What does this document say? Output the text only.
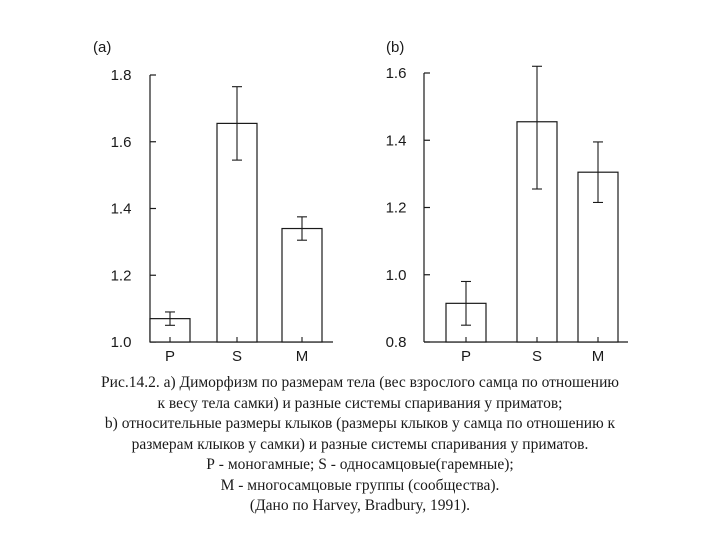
(a)
1.0
1.2
1.4
1.6
1.8
P	S	M
(b)
0.8
1.0
1.2
1.4
1.6
P	S	M
Рис.14.2. а) Диморфизм по размерам тела (вес взрослого самца по отношению
к весу тела самки) и разные системы спаривания у приматов;
b) относительные размеры клыков (размеры клыков у самца по отношению к
размерам клыков у самки) и разные системы спаривания у приматов.
Р - моногамные; S - односамцовые(гаремные);
М - многосамцовые группы (сообщества).
(Дано по Harvey, Bradbury, 1991).
